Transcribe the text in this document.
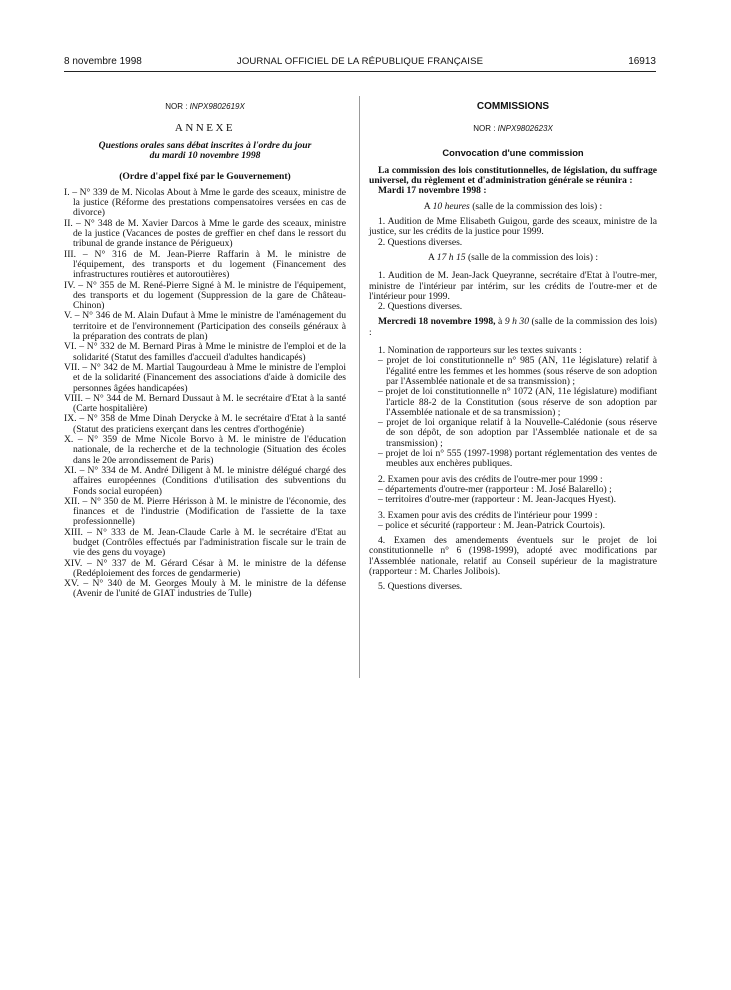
8 novembre 1998	JOURNAL OFFICIEL DE LA RÉPUBLIQUE FRANÇAISE	16913
NOR : INPX9802619X
ANNEXE
Questions orales sans débat inscrites à l'ordre du jour
du mardi 10 novembre 1998
(Ordre d'appel fixé par le Gouvernement)
I. – N° 339 de M. Nicolas About à Mme le garde des sceaux, ministre de la justice (Réforme des prestations compensatoires versées en cas de divorce)
II. – N° 348 de M. Xavier Darcos à Mme le garde des sceaux, ministre de la justice (Vacances de postes de greffier en chef dans le ressort du tribunal de grande instance de Périgueux)
III. – N° 316 de M. Jean-Pierre Raffarin à M. le ministre de l'équipement, des transports et du logement (Financement des infrastructures routières et autoroutières)
IV. – N° 355 de M. René-Pierre Signé à M. le ministre de l'équipement, des transports et du logement (Suppression de la gare de Château-Chinon)
V. – N° 346 de M. Alain Dufaut à Mme le ministre de l'aménagement du territoire et de l'environnement (Participation des conseils généraux à la préparation des contrats de plan)
VI. – N° 332 de M. Bernard Piras à Mme le ministre de l'emploi et de la solidarité (Statut des familles d'accueil d'adultes handicapés)
VII. – N° 342 de M. Martial Taugourdeau à Mme le ministre de l'emploi et de la solidarité (Financement des associations d'aide à domicile des personnes âgées handicapées)
VIII. – N° 344 de M. Bernard Dussaut à M. le secrétaire d'Etat à la santé (Carte hospitalière)
IX. – N° 358 de Mme Dinah Derycke à M. le secrétaire d'Etat à la santé (Statut des praticiens exerçant dans les centres d'orthogénie)
X. – N° 359 de Mme Nicole Borvo à M. le ministre de l'éducation nationale, de la recherche et de la technologie (Situation des écoles dans le 20e arrondissement de Paris)
XI. – N° 334 de M. André Diligent à M. le ministre délégué chargé des affaires européennes (Conditions d'utilisation des subventions du Fonds social européen)
XII. – N° 350 de M. Pierre Hérisson à M. le ministre de l'économie, des finances et de l'industrie (Modification de l'assiette de la taxe professionnelle)
XIII. – N° 333 de M. Jean-Claude Carle à M. le secrétaire d'Etat au budget (Contrôles effectués par l'administration fiscale sur le train de vie des gens du voyage)
XIV. – N° 337 de M. Gérard César à M. le ministre de la défense (Redéploiement des forces de gendarmerie)
XV. – N° 340 de M. Georges Mouly à M. le ministre de la défense (Avenir de l'unité de GIAT industries de Tulle)
COMMISSIONS
NOR : INPX9802623X
Convocation d'une commission
La commission des lois constitutionnelles, de législation, du suffrage universel, du règlement et d'administration générale se réunira :
Mardi 17 novembre 1998 :
A 10 heures (salle de la commission des lois) :
1. Audition de Mme Elisabeth Guigou, garde des sceaux, ministre de la justice, sur les crédits de la justice pour 1999.
2. Questions diverses.
A 17 h 15 (salle de la commission des lois) :
1. Audition de M. Jean-Jack Queyranne, secrétaire d'Etat à l'outre-mer, ministre de l'intérieur par intérim, sur les crédits de l'outre-mer et de l'intérieur pour 1999.
2. Questions diverses.
Mercredi 18 novembre 1998, à 9 h 30 (salle de la commission des lois) :
1. Nomination de rapporteurs sur les textes suivants :
– projet de loi constitutionnelle n° 985 (AN, 11e législature) relatif à l'égalité entre les femmes et les hommes (sous réserve de son adoption par l'Assemblée nationale et de sa transmission) ;
– projet de loi constitutionnelle n° 1072 (AN, 11e législature) modifiant l'article 88-2 de la Constitution (sous réserve de son adoption par l'Assemblée nationale et de sa transmission) ;
– projet de loi organique relatif à la Nouvelle-Calédonie (sous réserve de son dépôt, de son adoption par l'Assemblée nationale et de sa transmission) ;
– projet de loi n° 555 (1997-1998) portant réglementation des ventes de meubles aux enchères publiques.
2. Examen pour avis des crédits de l'outre-mer pour 1999 :
– départements d'outre-mer (rapporteur : M. José Balarello) ;
– territoires d'outre-mer (rapporteur : M. Jean-Jacques Hyest).
3. Examen pour avis des crédits de l'intérieur pour 1999 :
– police et sécurité (rapporteur : M. Jean-Patrick Courtois).
4. Examen des amendements éventuels sur le projet de loi constitutionnelle n° 6 (1998-1999), adopté avec modifications par l'Assemblée nationale, relatif au Conseil supérieur de la magistrature (rapporteur : M. Charles Jolibois).
5. Questions diverses.
